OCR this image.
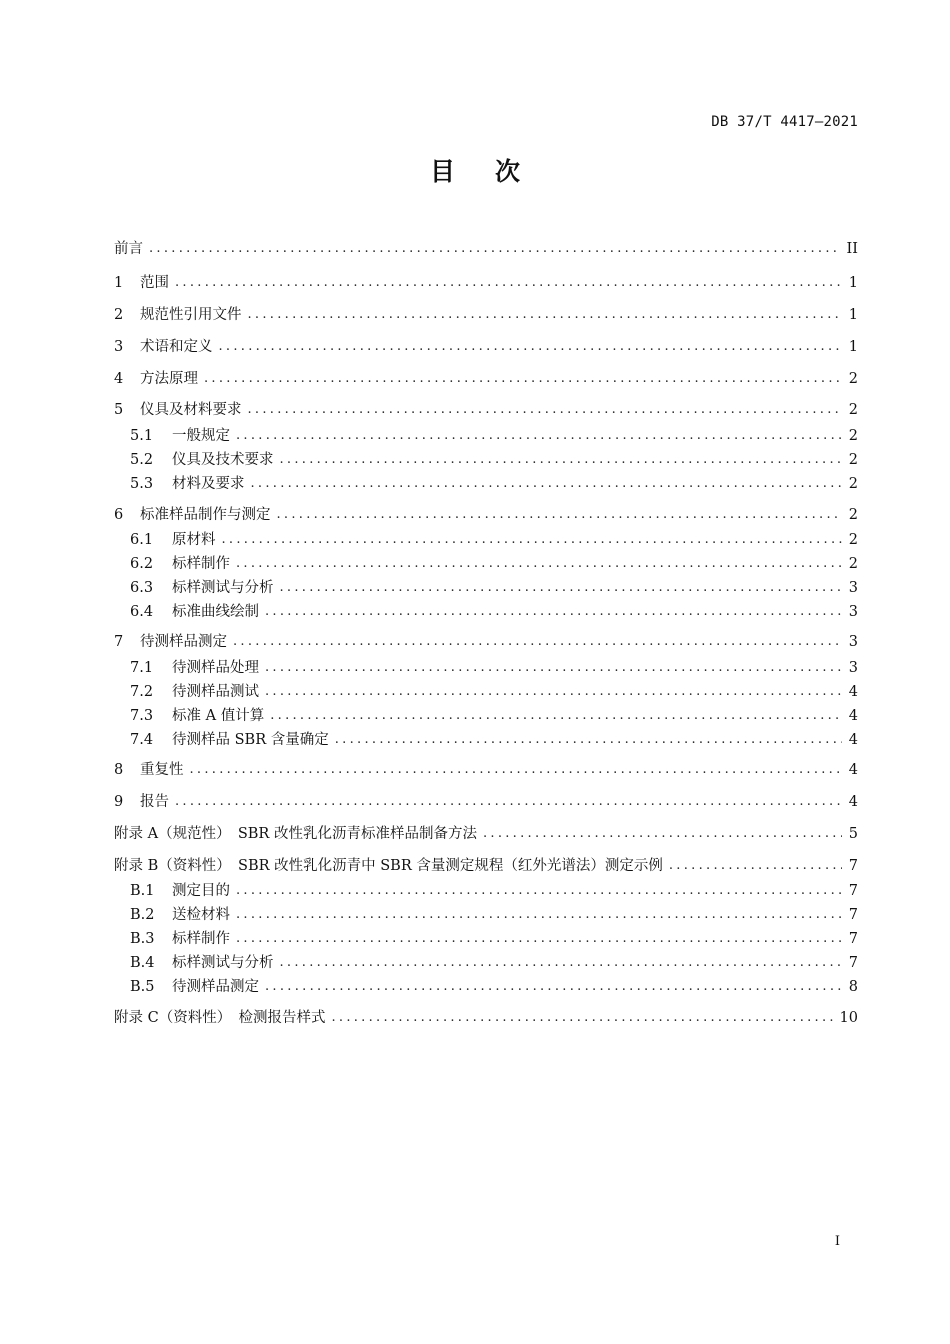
DB 37/T 4417—2021
目次
前言 .....	II
1	范围 .....	1
2	规范性引用文件 .....	1
3	术语和定义 .....	1
4	方法原理 .....	2
5	仪具及材料要求 .....	2
5.1	一般规定 .....	2
5.2	仪具及技术要求 .....	2
5.3	材料及要求 .....	2
6	标准样品制作与测定 .....	2
6.1	原材料 .....	2
6.2	标样制作 .....	2
6.3	标样测试与分析 .....	3
6.4	标准曲线绘制 .....	3
7	待测样品测定 .....	3
7.1	待测样品处理 .....	3
7.2	待测样品测试 .....	4
7.3	标准 A 值计算 .....	4
7.4	待测样品 SBR 含量确定 .....	4
8	重复性 .....	4
9	报告 .....	4
附录 A（规范性）　SBR 改性乳化沥青标准样品制备方法 .....	5
附录 B（资料性）　SBR 改性乳化沥青中 SBR 含量测定规程（红外光谱法）测定示例 .....	7
B.1	测定目的 .....	7
B.2	送检材料 .....	7
B.3	标样制作 .....	7
B.4	标样测试与分析 .....	7
B.5	待测样品测定 .....	8
附录 C（资料性）　检测报告样式 .....	10
I
